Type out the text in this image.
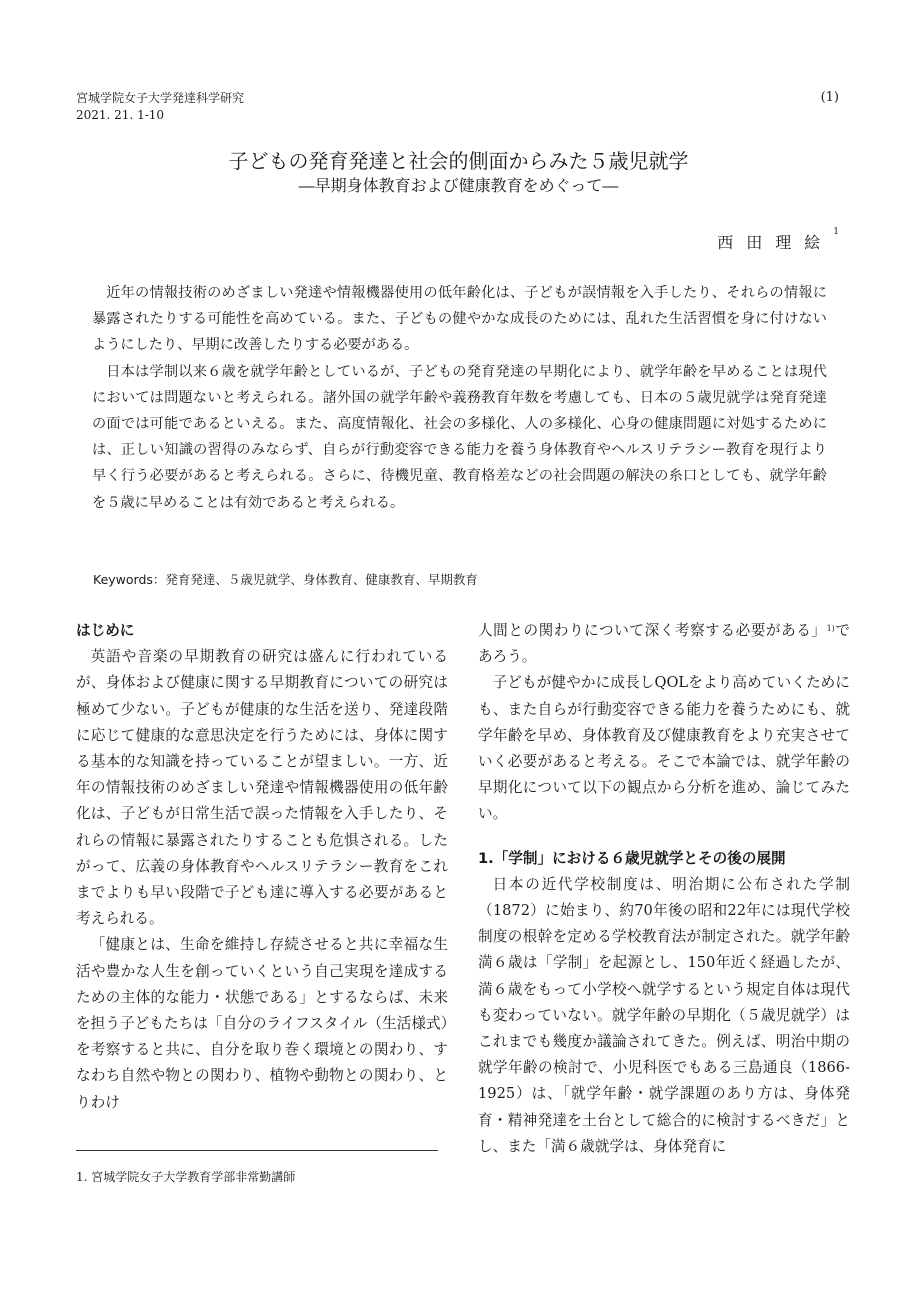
宮城学院女子大学発達科学研究
2021. 21. 1-10
(1)
子どもの発育発達と社会的側面からみた５歳児就学
―早期身体教育および健康教育をめぐって―
西田理絵$^1$

近年の情報技術のめざましい発達や情報機器使用の低年齢化は、子どもが誤情報を入手したり、それらの情報に暴露されたりする可能性を高めている。また、子どもの健やかな成長のためには、乱れた生活習慣を身に付けないようにしたり、早期に改善したりする必要がある。

日本は学制以来６歳を就学年齢としているが、子どもの発育発達の早期化により、就学年齢を早めることは現代においては問題ないと考えられる。諸外国の就学年齢や義務教育年数を考慮しても、日本の５歳児就学は発育発達の面では可能であるといえる。また、高度情報化、社会の多様化、人の多様化、心身の健康問題に対処するためには、正しい知識の習得のみならず、自らが行動変容できる能力を養う身体教育やヘルスリテラシー教育を現行より早く行う必要があると考えられる。さらに、待機児童、教育格差などの社会問題の解決の糸口としても、就学年齢を５歳に早めることは有効であると考えられる。

Keywords：発育発達、５歳児就学、身体教育、健康教育、早期教育
はじめに

英語や音楽の早期教育の研究は盛んに行われているが、身体および健康に関する早期教育についての研究は極めて少ない。子どもが健康的な生活を送り、発達段階に応じて健康的な意思決定を行うためには、身体に関する基本的な知識を持っていることが望ましい。一方、近年の情報技術のめざましい発達や情報機器使用の低年齢化は、子どもが日常生活で誤った情報を入手したり、それらの情報に暴露されたりすることも危惧される。したがって、広義の身体教育やヘルスリテラシー教育をこれまでよりも早い段階で子ども達に導入する必要があると考えられる。

「健康とは、生命を維持し存続させると共に幸福な生活や豊かな人生を創っていくという自己実現を達成するための主体的な能力・状態である」とするならば、未来を担う子どもたちは「自分のライフスタイル（生活様式）を考察すると共に、自分を取り巻く環境との関わり、すなわち自然や物との関わり、植物や動物との関わり、とりわけ

人間との関わりについて深く考察する必要がある」$^{1)}$であろう。

子どもが健やかに成長しQOLをより高めていくためにも、また自らが行動変容できる能力を養うためにも、就学年齢を早め、身体教育及び健康教育をより充実させていく必要があると考える。そこで本論では、就学年齢の早期化について以下の観点から分析を進め、論じてみたい。

1.「学制」における６歳児就学とその後の展開

日本の近代学校制度は、明治期に公布された学制（1872）に始まり、約70年後の昭和22年には現代学校制度の根幹を定める学校教育法が制定された。就学年齢満６歳は「学制」を起源とし、150年近く経過したが、満６歳をもって小学校へ就学するという規定自体は現代も変わっていない。就学年齢の早期化（５歳児就学）はこれまでも幾度か議論されてきた。例えば、明治中期の就学年齢の検討で、小児科医でもある三島通良（1866-1925）は、「就学年齢・就学課題のあり方は、身体発育・精神発達を土台として総合的に検討するべきだ」とし、また「満６歳就学は、身体発育に

1. 宮城学院女子大学教育学部非常勤講師
